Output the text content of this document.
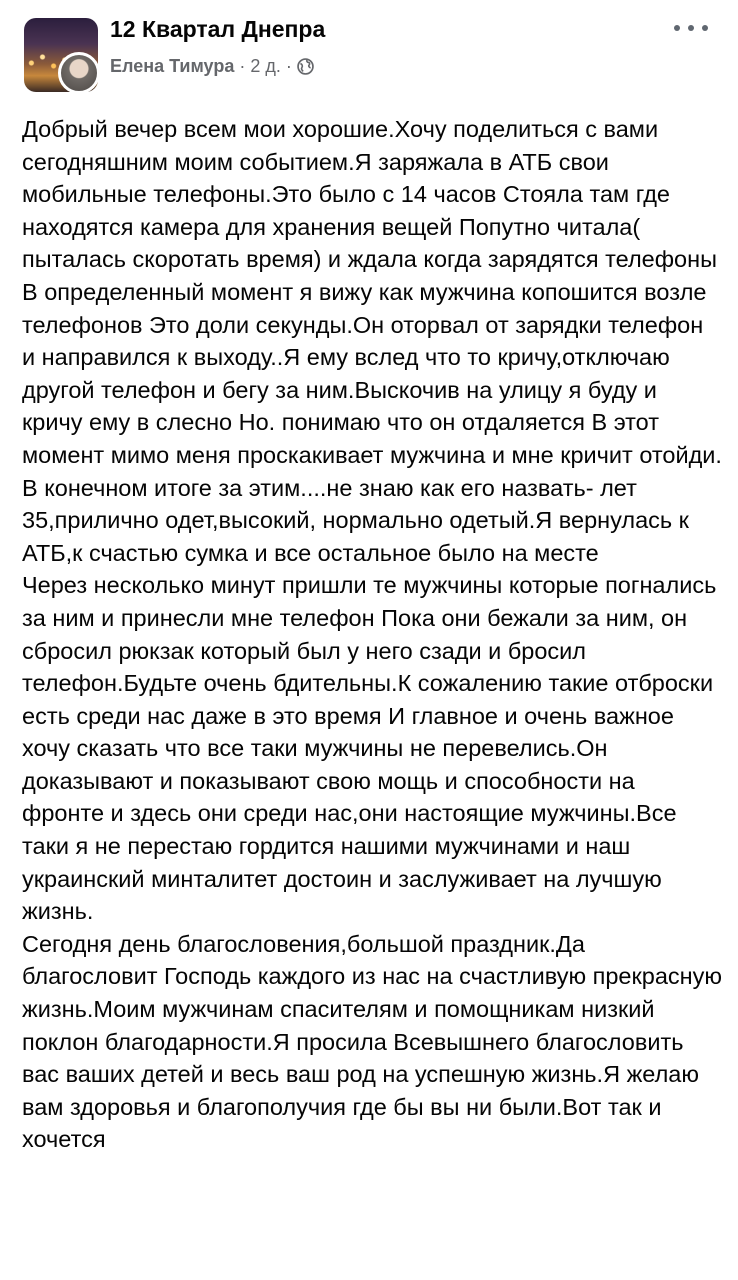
12 Квартал Днепра
Елена Тимура · 2 д. ·

Добрый вечер всем мои хорошие.Хочу поделиться с вами сегодняшним моим событием.Я заряжала в АТБ свои мобильные телефоны.Это было с 14 часов Стояла там где находятся камера для хранения вещей Попутно читала( пыталась скоротать время) и ждала когда зарядятся телефоны В определенный момент я вижу как мужчина копошится возле телефонов Это доли секунды.Он оторвал от зарядки телефон и направился к выходу..Я ему вслед что то кричу,отключаю другой телефон и бегу за ним.Выскочив на улицу я буду и кричу ему в слесно Но. понимаю что он отдаляется В этот момент мимо меня проскакивает мужчина и мне кричит отойди.

В конечном итоге за этим....не знаю как его назвать- лет 35,прилично одет,высокий, нормально одетый.Я вернулась к АТБ,к счастью сумка и все остальное было на месте

Через несколько минут пришли те мужчины которые погнались за ним и принесли мне телефон Пока они бежали за ним, он сбросил рюкзак который был у него сзади и бросил телефон.Будьте очень бдительны.К сожалению такие отброски есть среди нас даже в это время И главное и очень важное хочу сказать что все таки мужчины не перевелись.Он доказывают и показывают свою мощь и способности на фронте и здесь они среди нас,они настоящие мужчины.Все таки я не перестаю гордится нашими мужчинами и наш украинский минталитет достоин и заслуживает на лучшую жизнь.

Сегодня день благословения,большой праздник.Да благословит Господь каждого из нас на счастливую прекрасную жизнь.Моим мужчинам спасителям и помощникам низкий поклон благодарности.Я просила Всевышнего благословить вас ваших детей и весь ваш род на успешную жизнь.Я желаю вам здоровья и благополучия где бы вы ни были.Вот так и хочется
